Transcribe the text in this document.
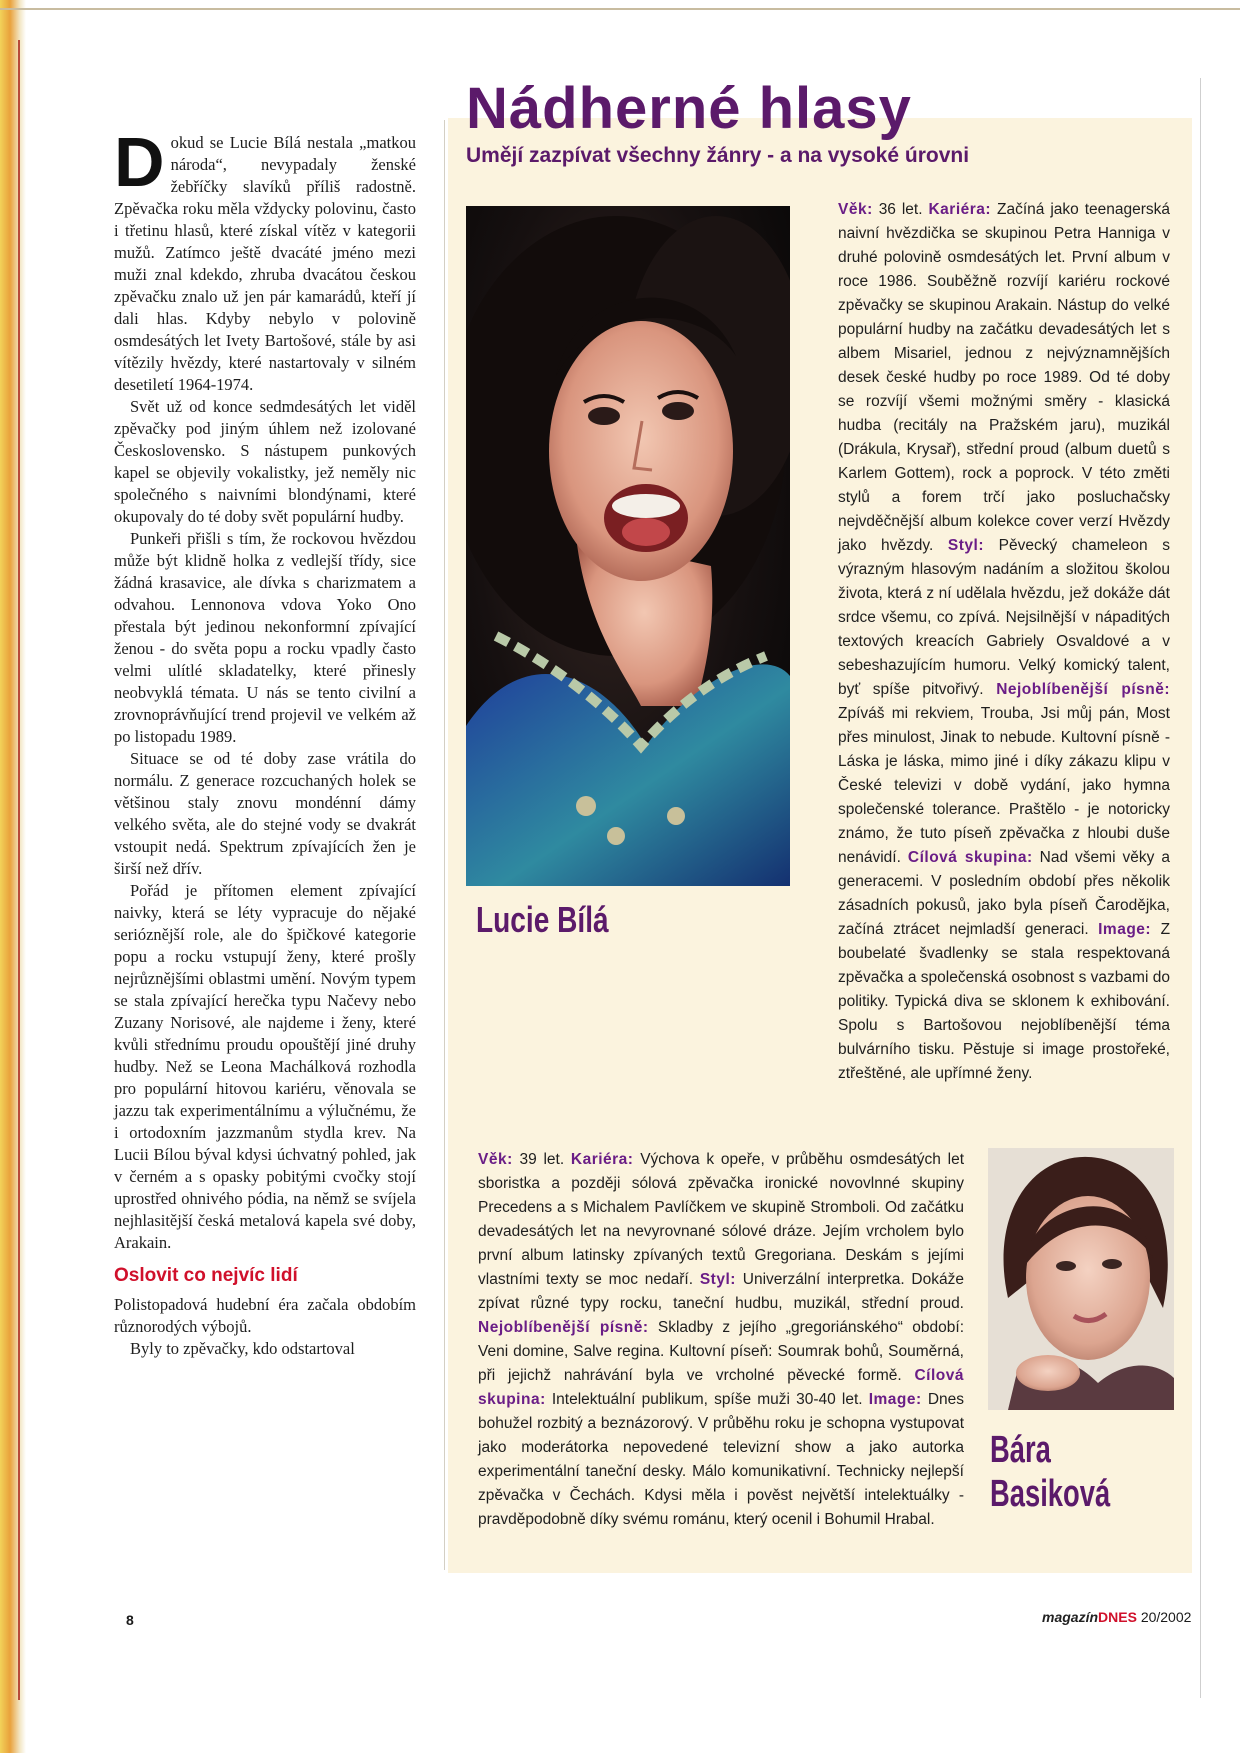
Dokud se Lucie Bílá nestala „matkou národa“, nevypadaly ženské žebříčky slavíků příliš radostně. Zpěvačka roku měla vždycky polovinu, často i třetinu hlasů, které získal vítěz v kategorii mužů. Zatímco ještě dvacáté jméno mezi muži znal kdekdo, zhruba dvacátou českou zpěvačku znalo už jen pár kamarádů, kteří jí dali hlas. Kdyby nebylo v polovině osmdesátých let Ivety Bartošové, stále by asi vítězily hvězdy, které nastartovaly v silném desetiletí 1964-1974.

Svět už od konce sedmdesátých let viděl zpěvačky pod jiným úhlem než izolované Československo. S nástupem punkových kapel se objevily vokalistky, jež neměly nic společného s naivními blondýnami, které okupovaly do té doby svět populární hudby.

Punkeři přišli s tím, že rockovou hvězdou může být klidně holka z vedlejší třídy, sice žádná krasavice, ale dívka s charizmatem a odvahou. Lennonova vdova Yoko Ono přestala být jedinou nekonformní zpívající ženou - do světa popu a rocku vpadly často velmi ulítlé skladatelky, které přinesly neobvyklá témata. U nás se tento civilní a zrovnoprávňující trend projevil ve velkém až po listopadu 1989.

Situace se od té doby zase vrátila do normálu. Z generace rozcuchaných holek se většinou staly znovu mondénní dámy velkého světa, ale do stejné vody se dvakrát vstoupit nedá. Spektrum zpívajících žen je širší než dřív.

Pořád je přítomen element zpívající naivky, která se léty vypracuje do nějaké serióznější role, ale do špičkové kategorie popu a rocku vstupují ženy, které prošly nejrůznějšími oblastmi umění. Novým typem se stala zpívající herečka typu Načevy nebo Zuzany Norisové, ale najdeme i ženy, které kvůli střednímu proudu opouštějí jiné druhy hudby. Než se Leona Machálková rozhodla pro populární hitovou kariéru, věnovala se jazzu tak experimentálnímu a výlučnému, že i ortodoxním jazzmanům stydla krev. Na Lucii Bílou býval kdysi úchvatný pohled, jak v černém a s opasky pobitými cvočky stojí uprostřed ohnivého pódia, na němž se svíjela nejhlasitější česká metalová kapela své doby, Arakain.

Oslovit co nejvíc lidí

Polistopadová hudební éra začala obdobím různorodých výbojů.

Byly to zpěvačky, kdo odstartoval

Nádherné hlasy
Umějí zazpívat všechny žánry - a na vysoké úrovni
Lucie Bílá

Věk: 36 let. Kariéra: Začíná jako teenagerská naivní hvězdička se skupinou Petra Hanniga v druhé polovině osmdesátých let. První album v roce 1986. Souběžně rozvíjí kariéru rockové zpěvačky se skupinou Arakain. Nástup do velké populární hudby na začátku devadesátých let s albem Misariel, jednou z nejvýznamnějších desek české hudby po roce 1989. Od té doby se rozvíjí všemi možnými směry - klasická hudba (recitály na Pražském jaru), muzikál (Drákula, Krysař), střední proud (album duetů s Karlem Gottem), rock a poprock. V této změti stylů a forem trčí jako posluchačsky nejvděčnější album kolekce cover verzí Hvězdy jako hvězdy. Styl: Pěvecký chameleon s výrazným hlasovým nadáním a složitou školou života, která z ní udělala hvězdu, jež dokáže dát srdce všemu, co zpívá. Nejsilnější v nápaditých textových kreacích Gabriely Osvaldové a v sebeshazujícím humoru. Velký komický talent, byť spíše pitvořivý. Nejoblíbenější písně: Zpíváš mi rekviem, Trouba, Jsi můj pán, Most přes minulost, Jinak to nebude. Kultovní písně - Láska je láska, mimo jiné i díky zákazu klipu v České televizi v době vydání, jako hymna společenské tolerance. Praštělo - je notoricky známo, že tuto píseň zpěvačka z hloubi duše nenávidí. Cílová skupina: Nad všemi věky a generacemi. V posledním období přes několik zásadních pokusů, jako byla píseň Čarodějka, začíná ztrácet nejmladší generaci. Image: Z boubelaté švadlenky se stala respektovaná zpěvačka a společenská osobnost s vazbami do politiky. Typická diva se sklonem k exhibování. Spolu s Bartošovou nejoblíbenější téma bulvárního tisku. Pěstuje si image prostořeké, ztřeštěné, ale upřímné ženy.

Věk: 39 let. Kariéra: Výchova k opeře, v průběhu osmdesátých let sboristka a později sólová zpěvačka ironické novovlnné skupiny Precedens a s Michalem Pavlíčkem ve skupině Stromboli. Od začátku devadesátých let na nevyrovnané sólové dráze. Jejím vrcholem bylo první album latinsky zpívaných textů Gregoriana. Deskám s jejími vlastními texty se moc nedaří. Styl: Univerzální interpretka. Dokáže zpívat různé typy rocku, taneční hudbu, muzikál, střední proud. Nejoblíbenější písně: Skladby z jejího „gregoriánského“ období: Veni domine, Salve regina. Kultovní píseň: Soumrak bohů, Souměrná, při jejichž nahrávání byla ve vrcholné pěvecké formě. Cílová skupina: Intelektuální publikum, spíše muži 30-40 let. Image: Dnes bohužel rozbitý a beznázorový. V průběhu roku je schopna vystupovat jako moderátorka nepovedené televizní show a jako autorka experimentální taneční desky. Málo komunikativní. Technicky nejlepší zpěvačka v Čechách. Kdysi měla i pověst největší intelektuálky - pravděpodobně díky svému románu, který ocenil i Bohumil Hrabal.

Bára
Basiková
8	magazínDNES 20/2002
